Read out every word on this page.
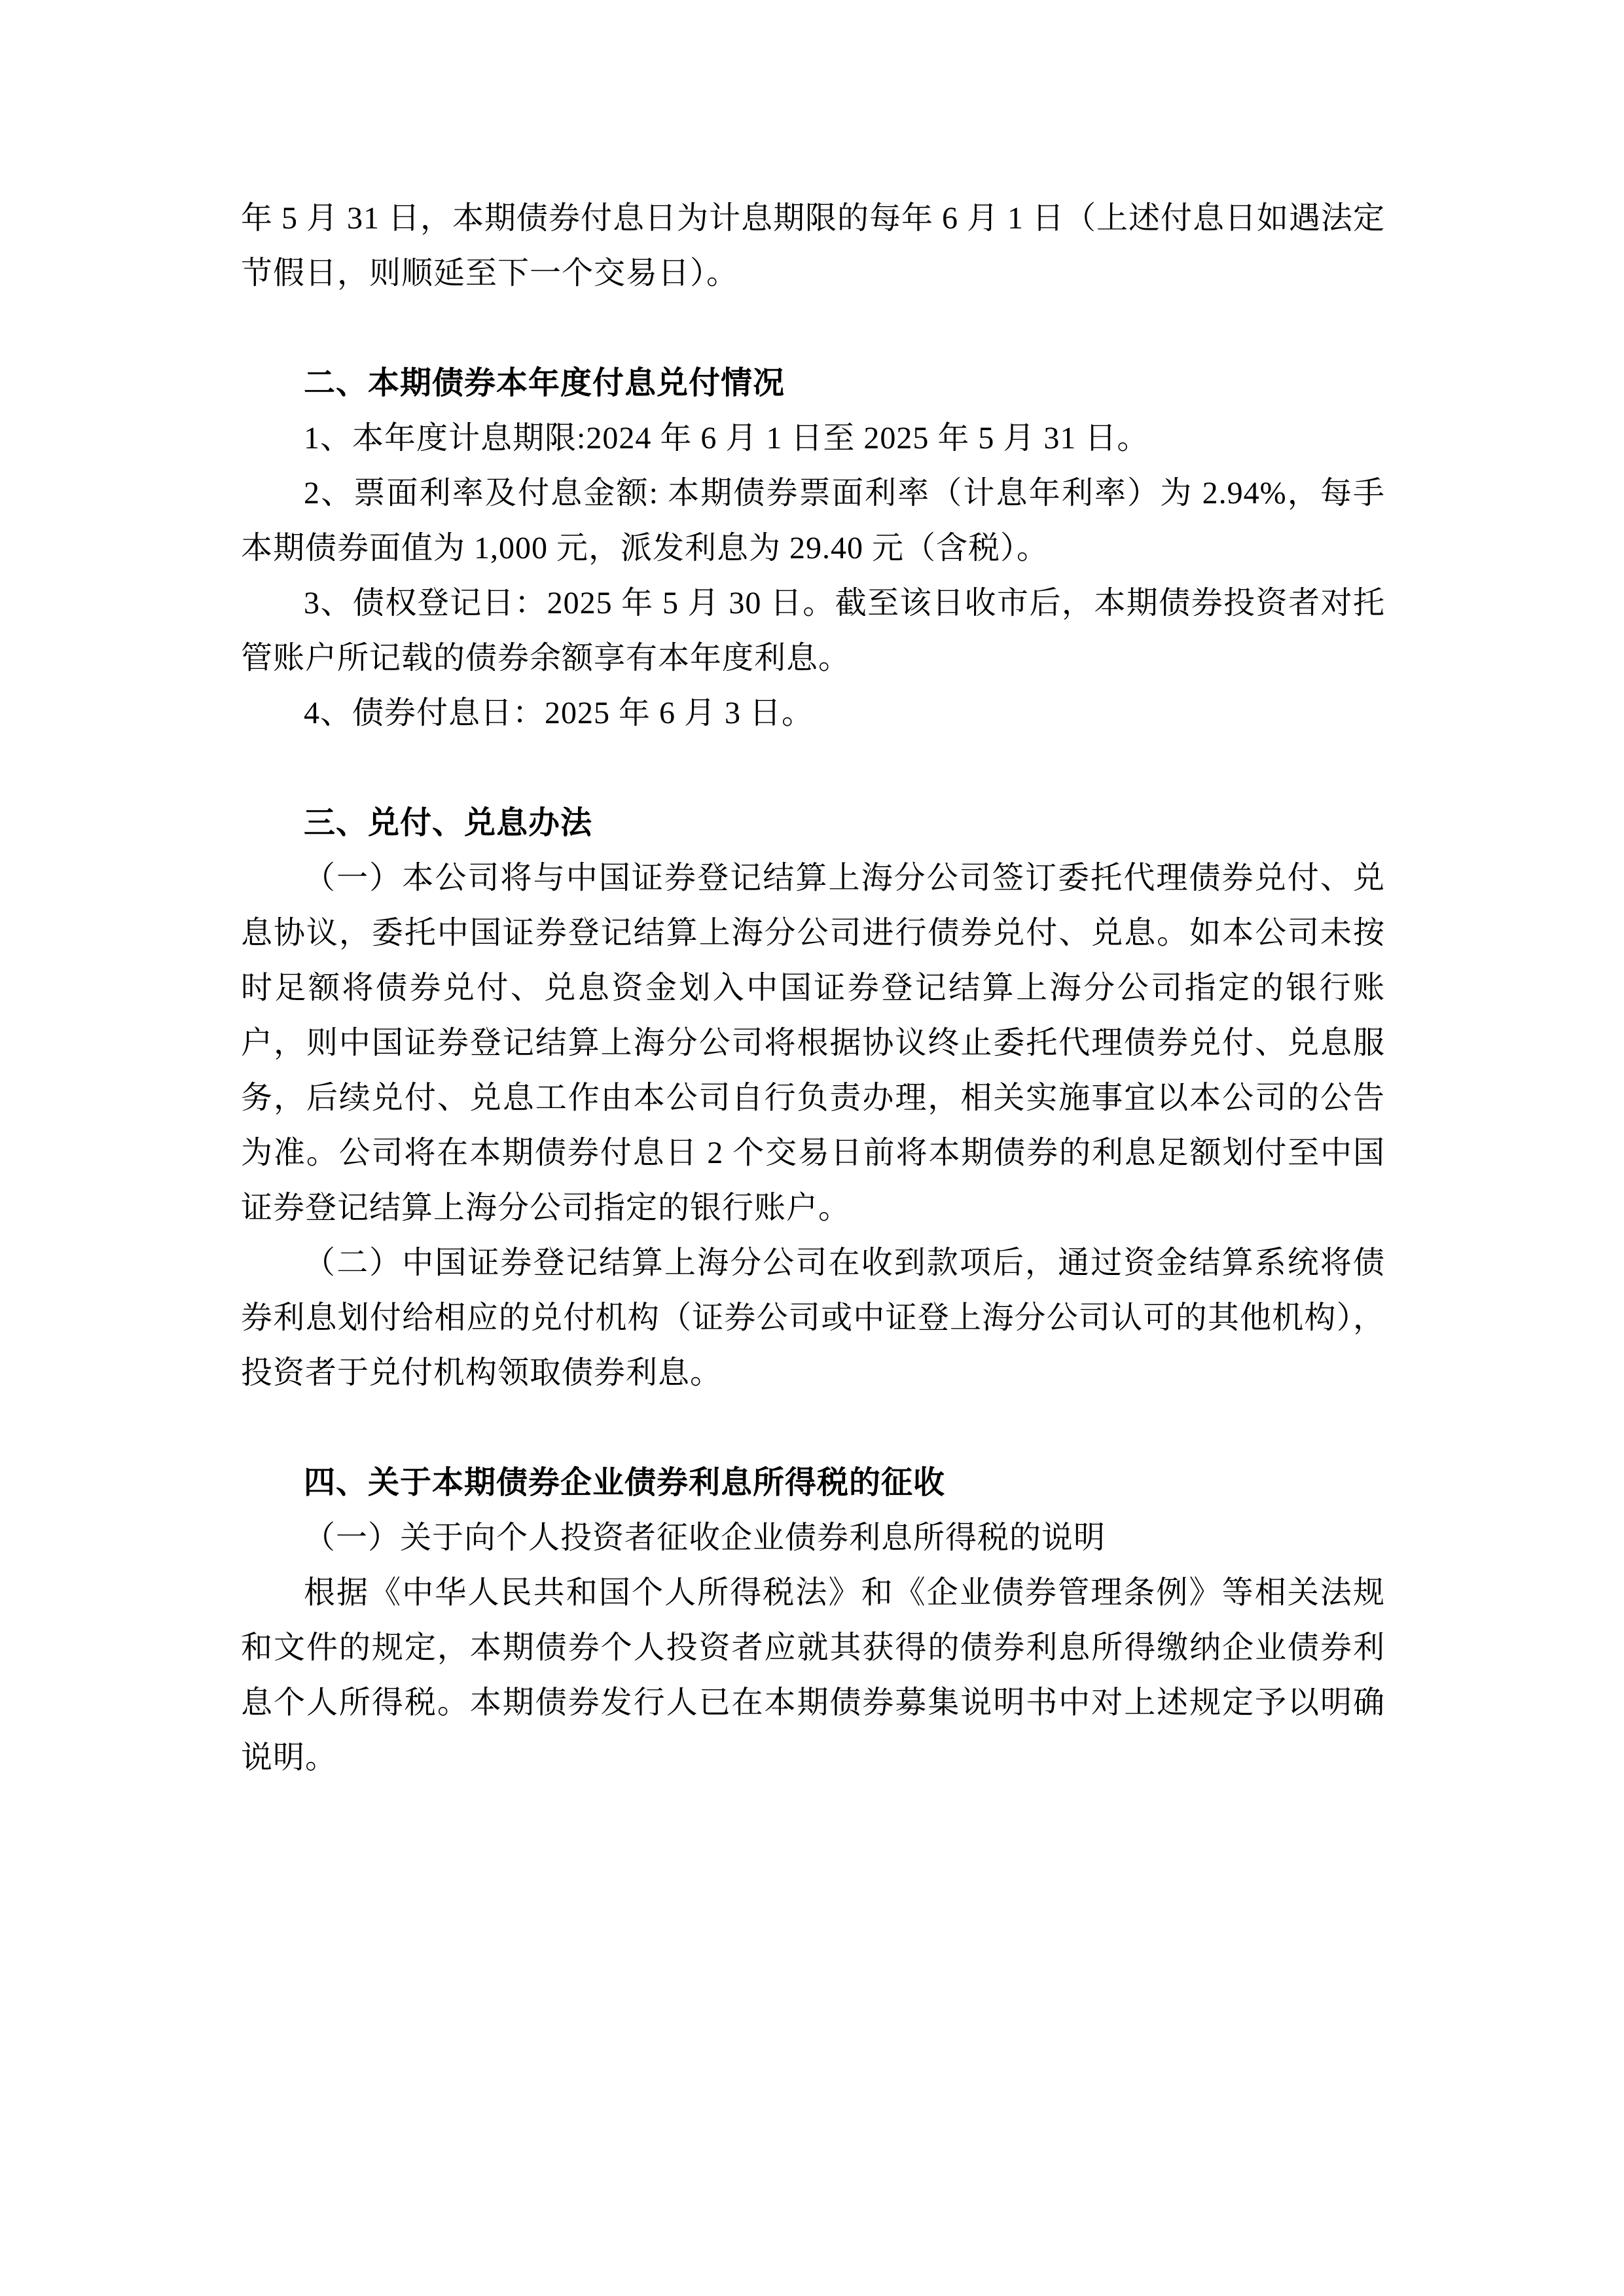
年 5 月 31 日，本期债券付息日为计息期限的每年 6 月 1 日（上述付息日如遇法定节假日，则顺延至下一个交易日）。

二、本期债券本年度付息兑付情况

1、本年度计息期限:2024 年 6 月 1 日至 2025 年 5 月 31 日。

2、票面利率及付息金额: 本期债券票面利率（计息年利率）为 2.94%，每手本期债券面值为 1,000 元，派发利息为 29.40 元（含税）。

3、债权登记日：2025 年 5 月 30 日。截至该日收市后，本期债券投资者对托管账户所记载的债券余额享有本年度利息。

4、债券付息日：2025 年 6 月 3 日。

三、兑付、兑息办法

（一）本公司将与中国证券登记结算上海分公司签订委托代理债券兑付、兑息协议，委托中国证券登记结算上海分公司进行债券兑付、兑息。如本公司未按时足额将债券兑付、兑息资金划入中国证券登记结算上海分公司指定的银行账户，则中国证券登记结算上海分公司将根据协议终止委托代理债券兑付、兑息服务，后续兑付、兑息工作由本公司自行负责办理，相关实施事宜以本公司的公告为准。公司将在本期债券付息日 2 个交易日前将本期债券的利息足额划付至中国证券登记结算上海分公司指定的银行账户。

（二）中国证券登记结算上海分公司在收到款项后，通过资金结算系统将债券利息划付给相应的兑付机构（证券公司或中证登上海分公司认可的其他机构），投资者于兑付机构领取债券利息。

四、关于本期债券企业债券利息所得税的征收

（一）关于向个人投资者征收企业债券利息所得税的说明

根据《中华人民共和国个人所得税法》和《企业债券管理条例》等相关法规和文件的规定，本期债券个人投资者应就其获得的债券利息所得缴纳企业债券利息个人所得税。本期债券发行人已在本期债券募集说明书中对上述规定予以明确说明。
